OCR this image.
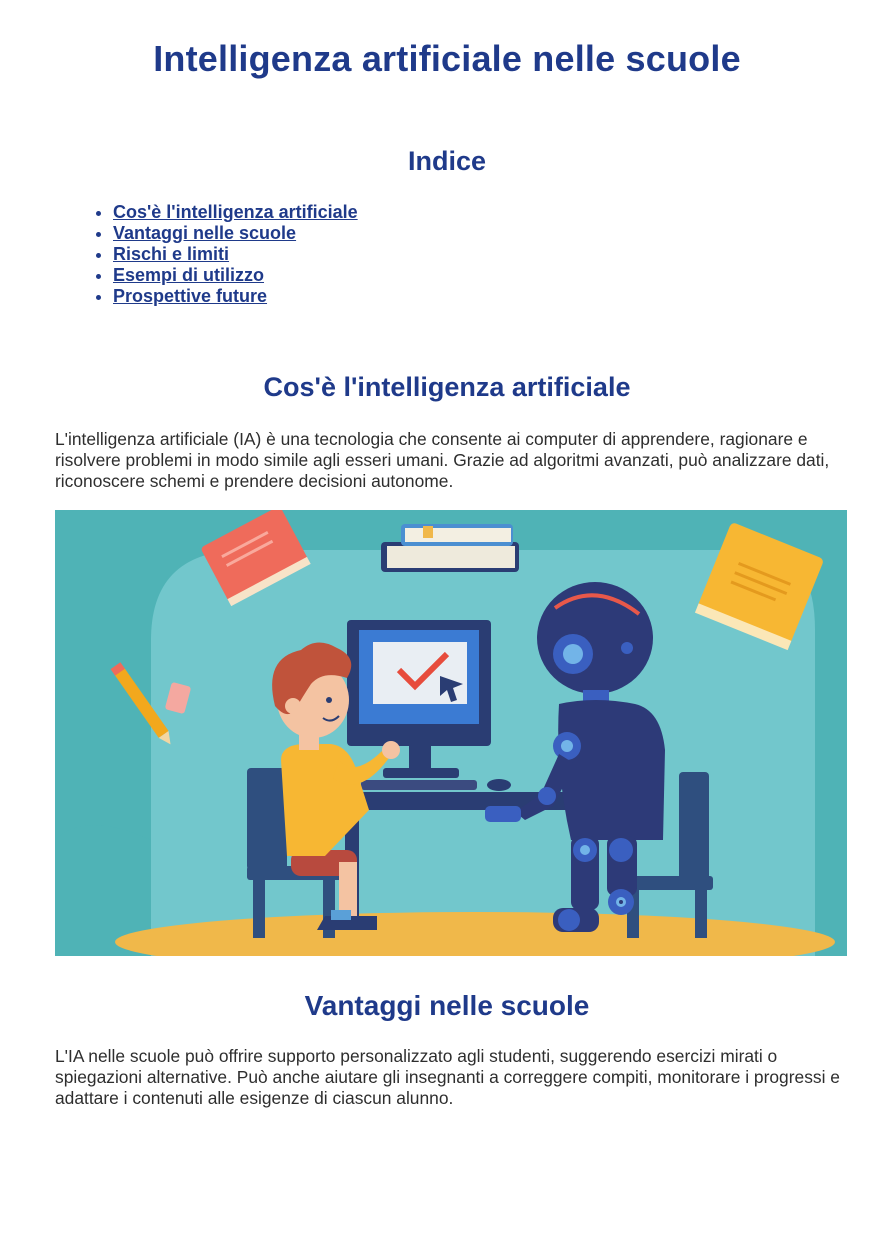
Intelligenza artificiale nelle scuole
Indice
• Cos'è l'intelligenza artificiale
• Vantaggi nelle scuole
• Rischi e limiti
• Esempi di utilizzo
• Prospettive future
Cos'è l'intelligenza artificiale

L'intelligenza artificiale (IA) è una tecnologia che consente ai computer di apprendere, ragionare e risolvere problemi in modo simile agli esseri umani. Grazie ad algoritmi avanzati, può analizzare dati, riconoscere schemi e prendere decisioni autonome.

Vantaggi nelle scuole

L'IA nelle scuole può offrire supporto personalizzato agli studenti, suggerendo esercizi mirati o spiegazioni alternative. Può anche aiutare gli insegnanti a correggere compiti, monitorare i progressi e adattare i contenuti alle esigenze di ciascun alunno.
